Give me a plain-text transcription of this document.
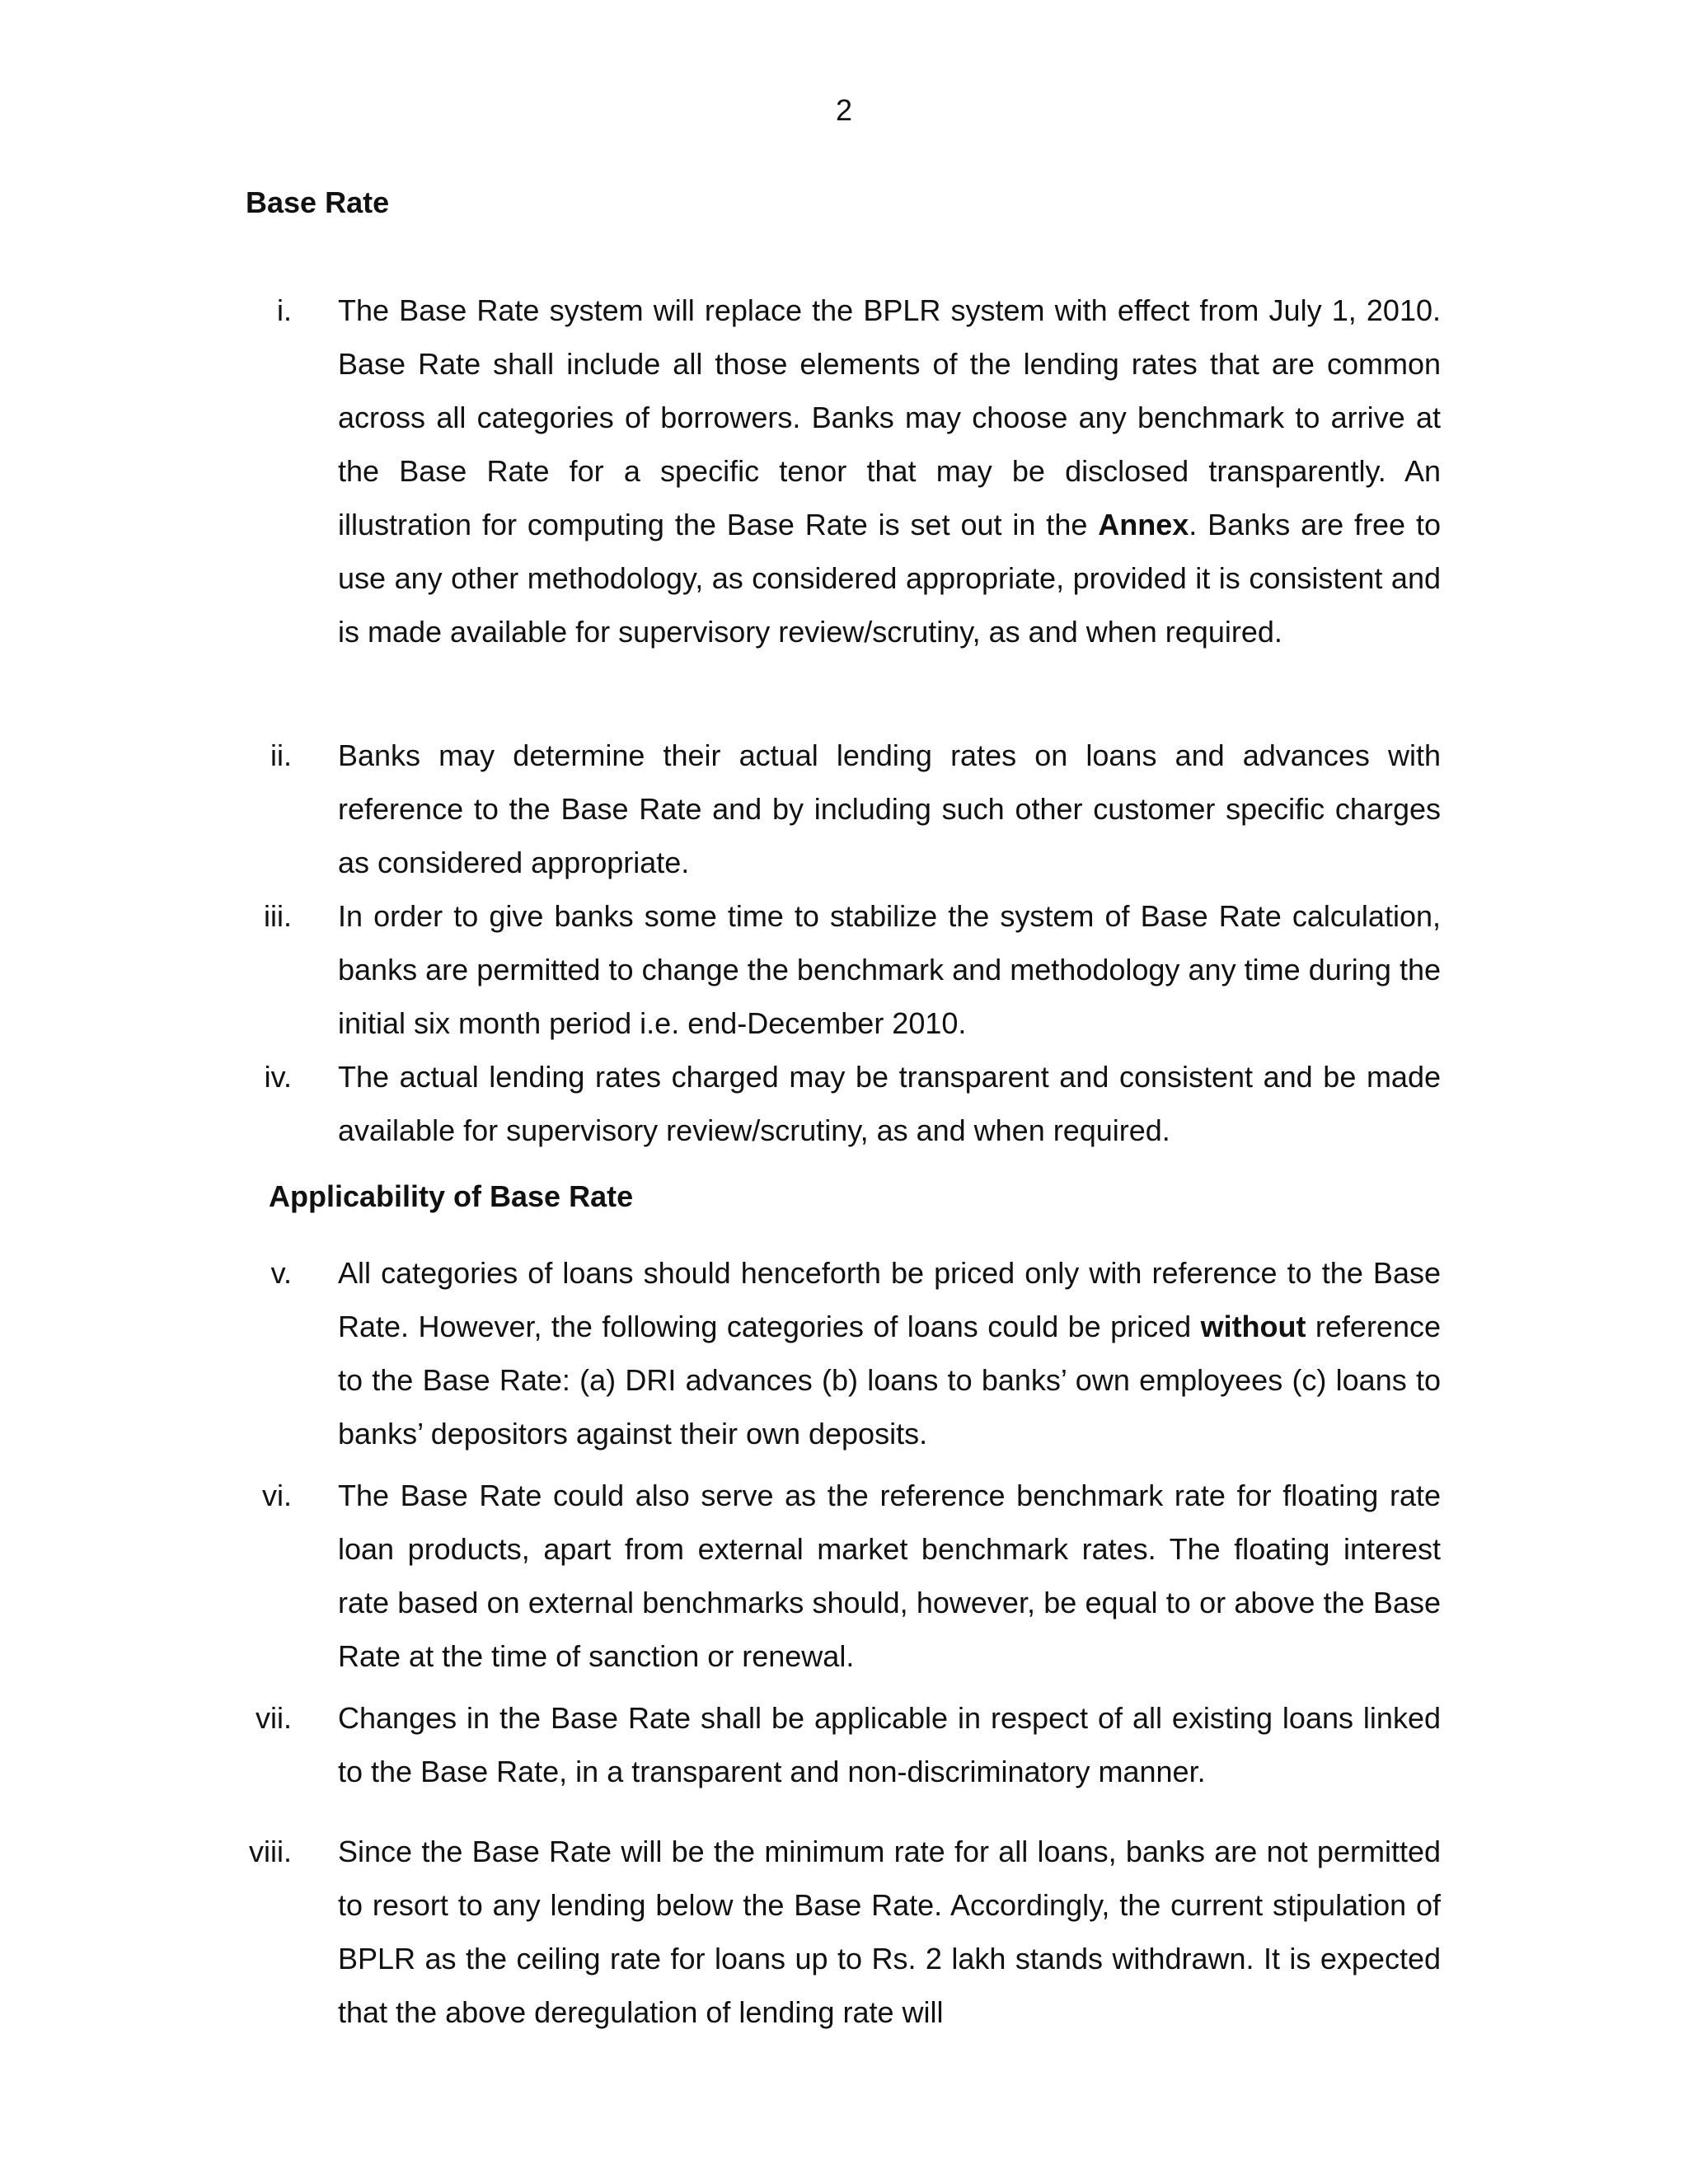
2
Base Rate
i. The Base Rate system will replace the BPLR system with effect from July 1, 2010. Base Rate shall include all those elements of the lending rates that are common across all categories of borrowers. Banks may choose any benchmark to arrive at the Base Rate for a specific tenor that may be disclosed transparently. An illustration for computing the Base Rate is set out in the Annex. Banks are free to use any other methodology, as considered appropriate, provided it is consistent and is made available for supervisory review/scrutiny, as and when required.
ii. Banks may determine their actual lending rates on loans and advances with reference to the Base Rate and by including such other customer specific charges as considered appropriate.
iii. In order to give banks some time to stabilize the system of Base Rate calculation, banks are permitted to change the benchmark and methodology any time during the initial six month period i.e. end-December 2010.
iv. The actual lending rates charged may be transparent and consistent and be made available for supervisory review/scrutiny, as and when required.
Applicability of Base Rate
v. All categories of loans should henceforth be priced only with reference to the Base Rate. However, the following categories of loans could be priced without reference to the Base Rate: (a) DRI advances (b) loans to banks’ own employees (c) loans to banks’ depositors against their own deposits.
vi. The Base Rate could also serve as the reference benchmark rate for floating rate loan products, apart from external market benchmark rates. The floating interest rate based on external benchmarks should, however, be equal to or above the Base Rate at the time of sanction or renewal.
vii. Changes in the Base Rate shall be applicable in respect of all existing loans linked to the Base Rate, in a transparent and non-discriminatory manner.
viii. Since the Base Rate will be the minimum rate for all loans, banks are not permitted to resort to any lending below the Base Rate. Accordingly, the current stipulation of BPLR as the ceiling rate for loans up to Rs. 2 lakh stands withdrawn. It is expected that the above deregulation of lending rate will
